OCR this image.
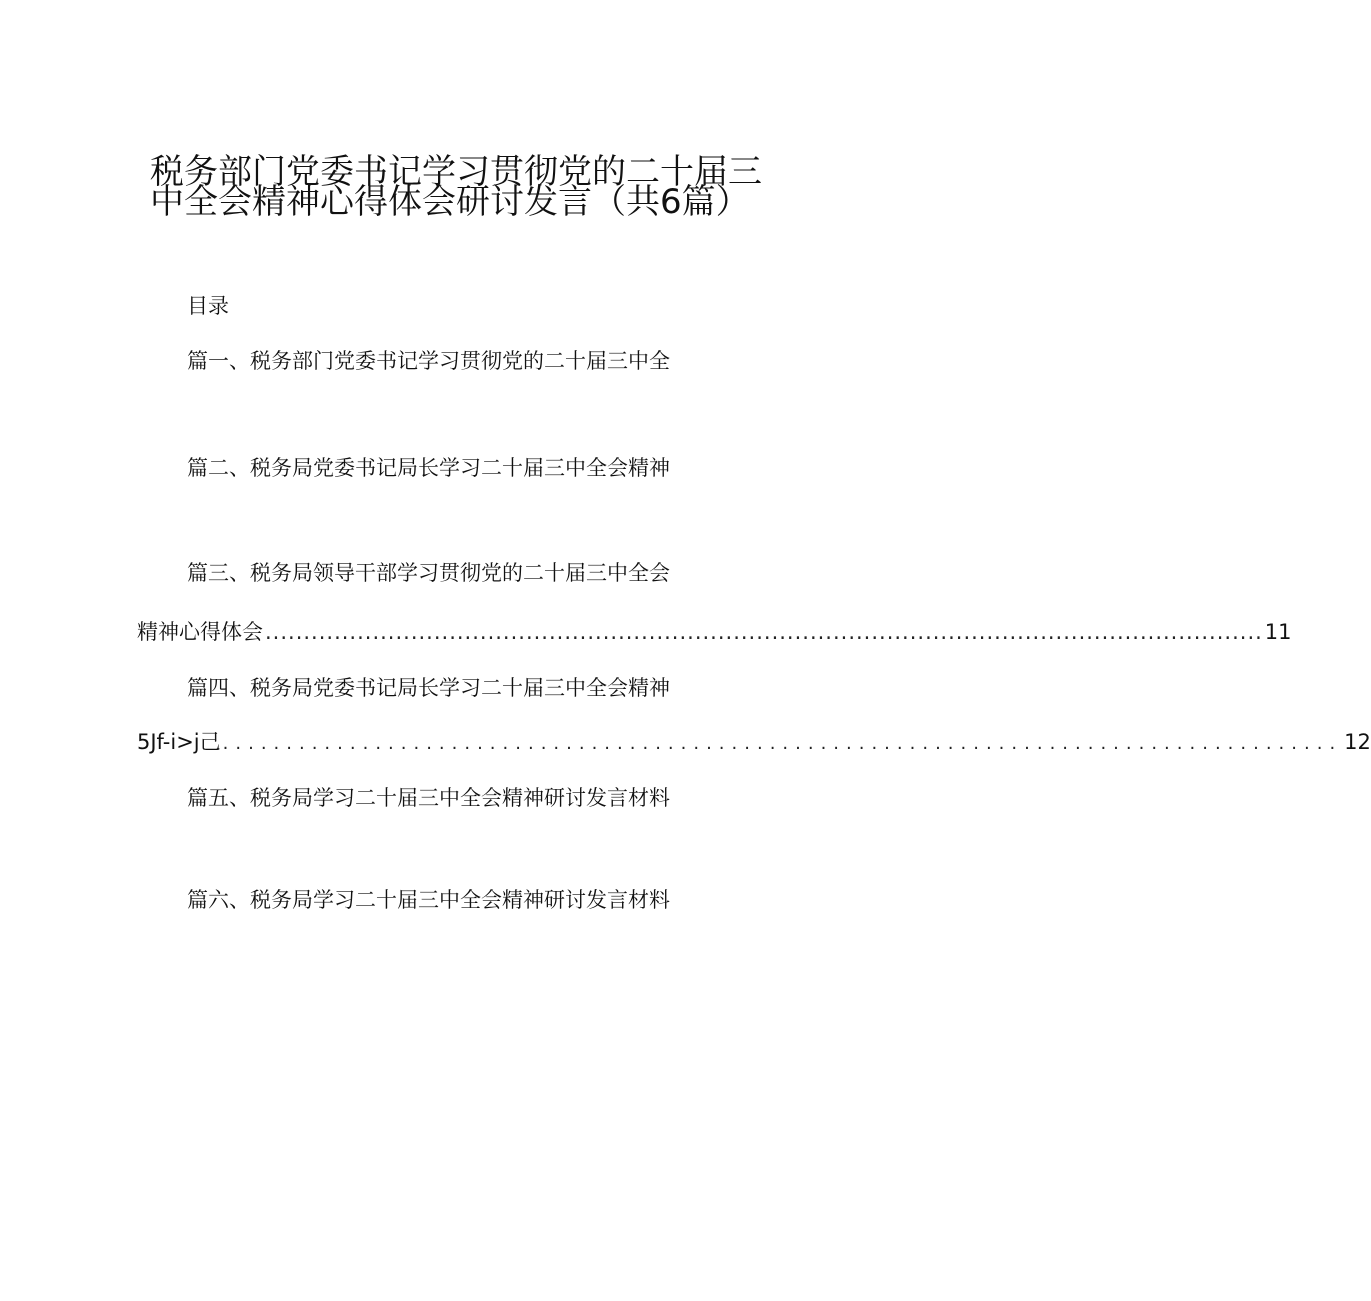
税务部门党委书记学习贯彻党的二十届三
中全会精神心得体会研讨发言（共6篇）
目录
篇一、税务部门党委书记学习贯彻党的二十届三中全
篇二、税务局党委书记局长学习二十届三中全会精神
篇三、税务局领导干部学习贯彻党的二十届三中全会
精神心得体会 .................................................................................................................................. 11
篇四、税务局党委书记局长学习二十届三中全会精神
5Jf-i>j己 ........................................................................................ 12
篇五、税务局学习二十届三中全会精神研讨发言材料
篇六、税务局学习二十届三中全会精神研讨发言材料
